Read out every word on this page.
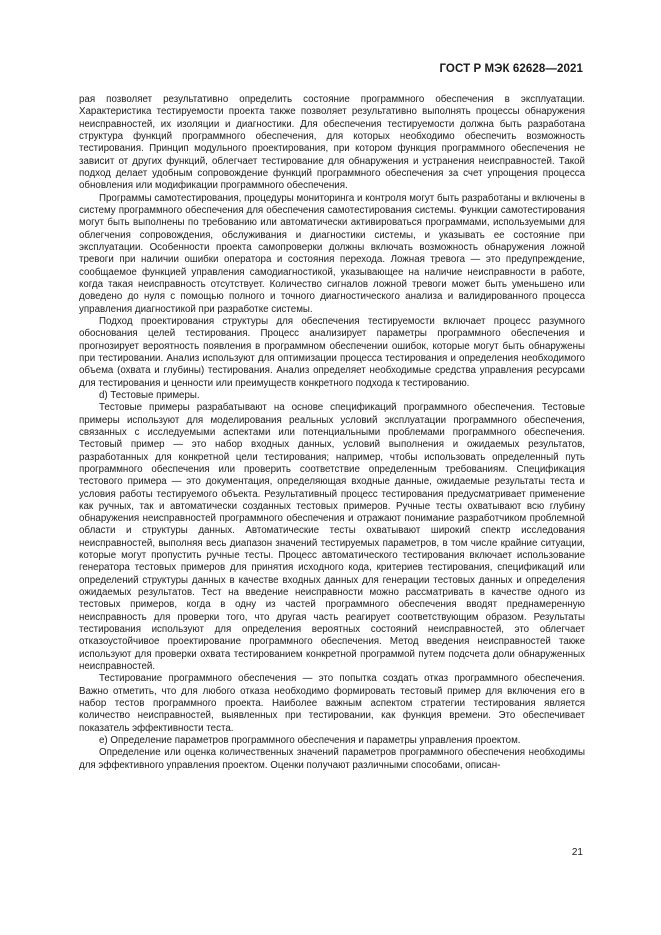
ГОСТ Р МЭК 62628—2021

рая позволяет результативно определить состояние программного обеспечения в эксплуатации. Характеристика тестируемости проекта также позволяет результативно выполнять процессы обнаружения неисправностей, их изоляции и диагностики. Для обеспечения тестируемости должна быть разработана структура функций программного обеспечения, для которых необходимо обеспечить возможность тестирования. Принцип модульного проектирования, при котором функция программного обеспечения не зависит от других функций, облегчает тестирование для обнаружения и устранения неисправностей. Такой подход делает удобным сопровождение функций программного обеспечения за счет упрощения процесса обновления или модификации программного обеспечения.

Программы самотестирования, процедуры мониторинга и контроля могут быть разработаны и включены в систему программного обеспечения для обеспечения самотестирования системы. Функции самотестирования могут быть выполнены по требованию или автоматически активироваться программами, используемыми для облегчения сопровождения, обслуживания и диагностики системы, и указывать ее состояние при эксплуатации. Особенности проекта самопроверки должны включать возможность обнаружения ложной тревоги при наличии ошибки оператора и состояния перехода. Ложная тревога — это предупреждение, сообщаемое функцией управления самодиагностикой, указывающее на наличие неисправности в работе, когда такая неисправность отсутствует. Количество сигналов ложной тревоги может быть уменьшено или доведено до нуля с помощью полного и точного диагностического анализа и валидированного процесса управления диагностикой при разработке системы.

Подход проектирования структуры для обеспечения тестируемости включает процесс разумного обоснования целей тестирования. Процесс анализирует параметры программного обеспечения и прогнозирует вероятность появления в программном обеспечении ошибок, которые могут быть обнаружены при тестировании. Анализ используют для оптимизации процесса тестирования и определения необходимого объема (охвата и глубины) тестирования. Анализ определяет необходимые средства управления ресурсами для тестирования и ценности или преимуществ конкретного подхода к тестированию.

d) Тестовые примеры.

Тестовые примеры разрабатывают на основе спецификаций программного обеспечения. Тестовые примеры используют для моделирования реальных условий эксплуатации программного обеспечения, связанных с исследуемыми аспектами или потенциальными проблемами программного обеспечения. Тестовый пример — это набор входных данных, условий выполнения и ожидаемых результатов, разработанных для конкретной цели тестирования; например, чтобы использовать определенный путь программного обеспечения или проверить соответствие определенным требованиям. Спецификация тестового примера — это документация, определяющая входные данные, ожидаемые результаты теста и условия работы тестируемого объекта. Результативный процесс тестирования предусматривает применение как ручных, так и автоматически созданных тестовых примеров. Ручные тесты охватывают всю глубину обнаружения неисправностей программного обеспечения и отражают понимание разработчиком проблемной области и структуры данных. Автоматические тесты охватывают широкий спектр исследования неисправностей, выполняя весь диапазон значений тестируемых параметров, в том числе крайние ситуации, которые могут пропустить ручные тесты. Процесс автоматического тестирования включает использование генератора тестовых примеров для принятия исходного кода, критериев тестирования, спецификаций или определений структуры данных в качестве входных данных для генерации тестовых данных и определения ожидаемых результатов. Тест на введение неисправности можно рассматривать в качестве одного из тестовых примеров, когда в одну из частей программного обеспечения вводят преднамеренную неисправность для проверки того, что другая часть реагирует соответствующим образом. Результаты тестирования используют для определения вероятных состояний неисправностей, это облегчает отказоустойчивое проектирование программного обеспечения. Метод введения неисправностей также используют для проверки охвата тестированием конкретной программой путем подсчета доли обнаруженных неисправностей.

Тестирование программного обеспечения — это попытка создать отказ программного обеспечения. Важно отметить, что для любого отказа необходимо формировать тестовый пример для включения его в набор тестов программного проекта. Наиболее важным аспектом стратегии тестирования является количество неисправностей, выявленных при тестировании, как функция времени. Это обеспечивает показатель эффективности теста.

e) Определение параметров программного обеспечения и параметры управления проектом.

Определение или оценка количественных значений параметров программного обеспечения необходимы для эффективного управления проектом. Оценки получают различными способами, описан-

21
